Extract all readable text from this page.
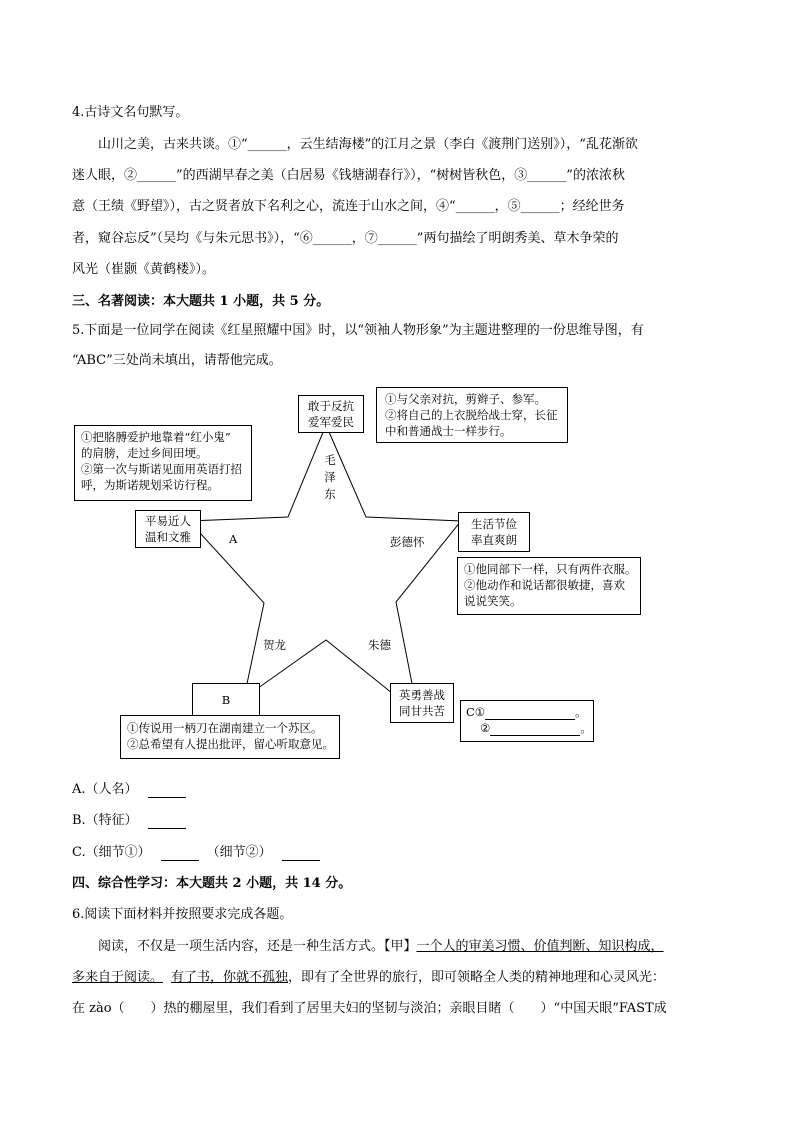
4.古诗文名句默写。
山川之美，古来共谈。①“______，云生结海楼”的江月之景（李白《渡荆门送别》），“乱花渐欲
迷人眼，②______”的西湖早春之美（白居易《钱塘湖春行》），“树树皆秋色，③______”的浓浓秋
意（王绩《野望》），古之贤者放下名利之心，流连于山水之间，④“______，⑤______；经纶世务
者，窥谷忘反”（吴均《与朱元思书》），“⑥______，⑦______”两句描绘了明朗秀美、草木争荣的
风光（崔颢《黄鹤楼》）。
三、名著阅读：本大题共 1 小题，共 5 分。
5.下面是一位同学在阅读《红星照耀中国》时，以“领袖人物形象”为主题进整理的一份思维导图，有
“ABC”三处尚未填出，请帮他完成。
敢于反抗
爱军爱民
①与父亲对抗，剪辫子、参军。
②将自己的上衣脱给战士穿，长征
中和普通战士一样步行。
毛
泽
东
①把胳膊爱护地靠着“红小鬼”
的肩膀，走过乡间田埂。
②第一次与斯诺见面用英语打招
呼，为斯诺规划采访行程。
平易近人
温和文雅	A	彭德怀
生活节俭
率直爽朗
①他同部下一样，只有两件衣服。
②他动作和说话都很敏捷，喜欢
说说笑笑。
贺龙	朱德
B
①传说用一柄刀在湖南建立一个苏区。
②总希望有人提出批评，留心听取意见。
英勇善战
同甘共苦	C①	。
②	。
A.（人名）
B.（特征）
C.（细节①）	（细节②）
四、综合性学习：本大题共 2 小题，共 14 分。
6.阅读下面材料并按照要求完成各题。
阅读，不仅是一项生活内容，还是一种生活方式。【甲】一个人的审美习惯、价值判断、知识构成，
多来自于阅读。 有了书，你就不孤独，即有了全世界的旅行，即可领略全人类的精神地理和心灵风光：
在 zào（　　）热的棚屋里，我们看到了居里夫妇的坚韧与淡泊；亲眼目睹（　　）“中国天眼”FAST成
